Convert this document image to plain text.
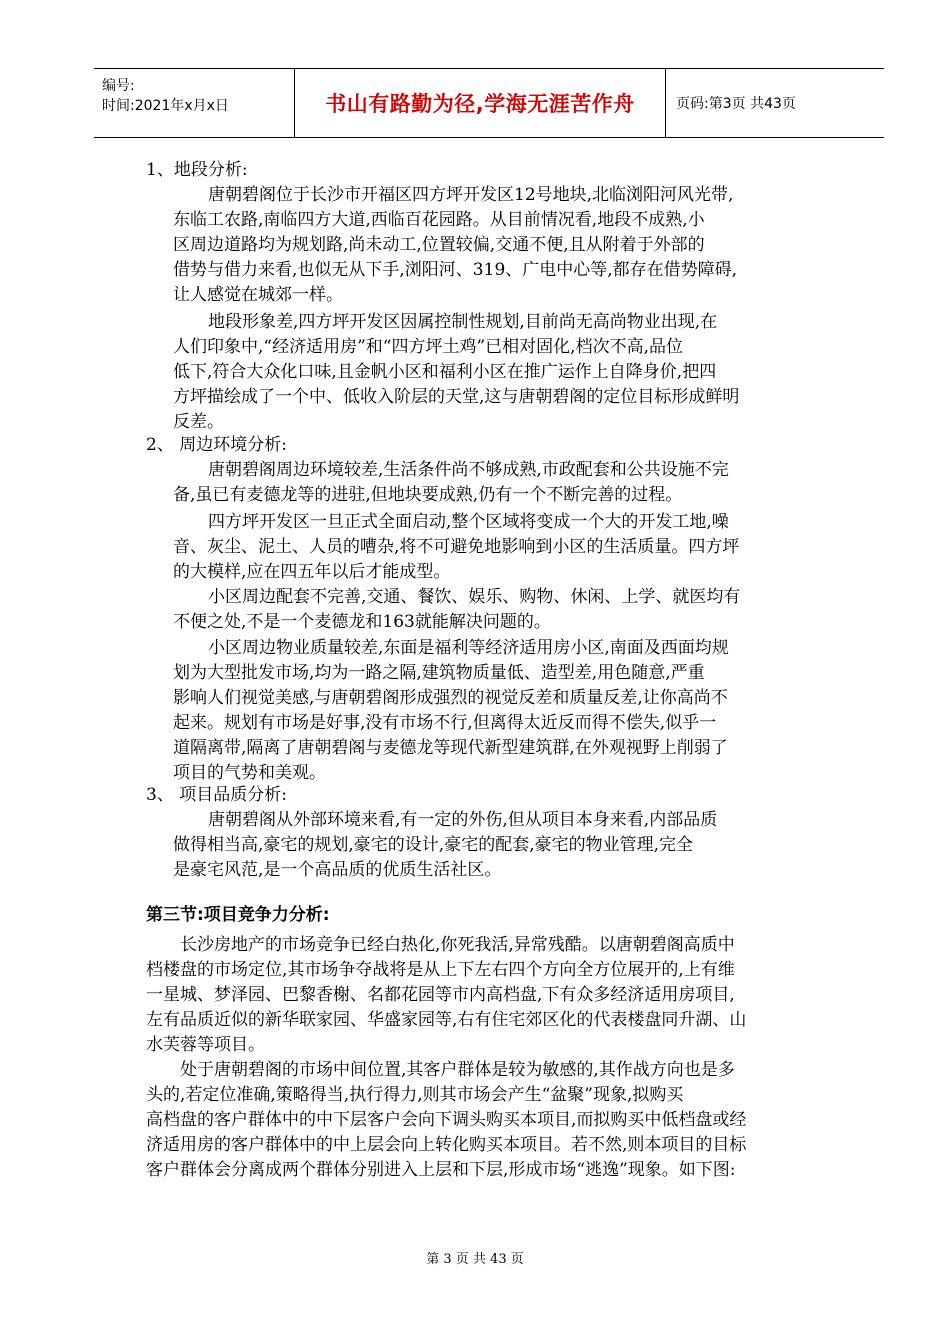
编号:
时间:2021年x月x日	书山有路勤为径,学海无涯苦作舟	页码:第3页 共43页
1、地段分析:
唐朝碧阁位于长沙市开福区四方坪开发区12号地块,北临浏阳河风光带,
东临工农路,南临四方大道,西临百花园路。从目前情况看,地段不成熟,小
区周边道路均为规划路,尚未动工,位置较偏,交通不便,且从附着于外部的
借势与借力来看,也似无从下手,浏阳河、319、广电中心等,都存在借势障碍,
让人感觉在城郊一样。
地段形象差,四方坪开发区因属控制性规划,目前尚无高尚物业出现,在
人们印象中,“经济适用房”和“四方坪土鸡”已相对固化,档次不高,品位
低下,符合大众化口味,且金帆小区和福利小区在推广运作上自降身价,把四
方坪描绘成了一个中、低收入阶层的天堂,这与唐朝碧阁的定位目标形成鲜明
反差。
2、 周边环境分析:
唐朝碧阁周边环境较差,生活条件尚不够成熟,市政配套和公共设施不完
备,虽已有麦德龙等的进驻,但地块要成熟,仍有一个不断完善的过程。
四方坪开发区一旦正式全面启动,整个区域将变成一个大的开发工地,噪
音、灰尘、泥土、人员的嘈杂,将不可避免地影响到小区的生活质量。四方坪
的大模样,应在四五年以后才能成型。
小区周边配套不完善,交通、餐饮、娱乐、购物、休闲、上学、就医均有
不便之处,不是一个麦德龙和163就能解决问题的。
小区周边物业质量较差,东面是福利等经济适用房小区,南面及西面均规
划为大型批发市场,均为一路之隔,建筑物质量低、造型差,用色随意,严重
影响人们视觉美感,与唐朝碧阁形成强烈的视觉反差和质量反差,让你高尚不
起来。规划有市场是好事,没有市场不行,但离得太近反而得不偿失,似乎一
道隔离带,隔离了唐朝碧阁与麦德龙等现代新型建筑群,在外观视野上削弱了
项目的气势和美观。
3、 项目品质分析:
唐朝碧阁从外部环境来看,有一定的外伤,但从项目本身来看,内部品质
做得相当高,豪宅的规划,豪宅的设计,豪宅的配套,豪宅的物业管理,完全
是豪宅风范,是一个高品质的优质生活社区。
第三节:项目竞争力分析:
长沙房地产的市场竞争已经白热化,你死我活,异常残酷。以唐朝碧阁高质中
档楼盘的市场定位,其市场争夺战将是从上下左右四个方向全方位展开的,上有维
一星城、梦泽园、巴黎香榭、名都花园等市内高档盘,下有众多经济适用房项目,
左有品质近似的新华联家园、华盛家园等,右有住宅郊区化的代表楼盘同升湖、山
水芙蓉等项目。
处于唐朝碧阁的市场中间位置,其客户群体是较为敏感的,其作战方向也是多
头的,若定位准确,策略得当,执行得力,则其市场会产生“盆聚”现象,拟购买
高档盘的客户群体中的中下层客户会向下调头购买本项目,而拟购买中低档盘或经
济适用房的客户群体中的中上层会向上转化购买本项目。若不然,则本项目的目标
客户群体会分离成两个群体分别进入上层和下层,形成市场“逃逸”现象。如下图:
第 3 页 共 43 页
